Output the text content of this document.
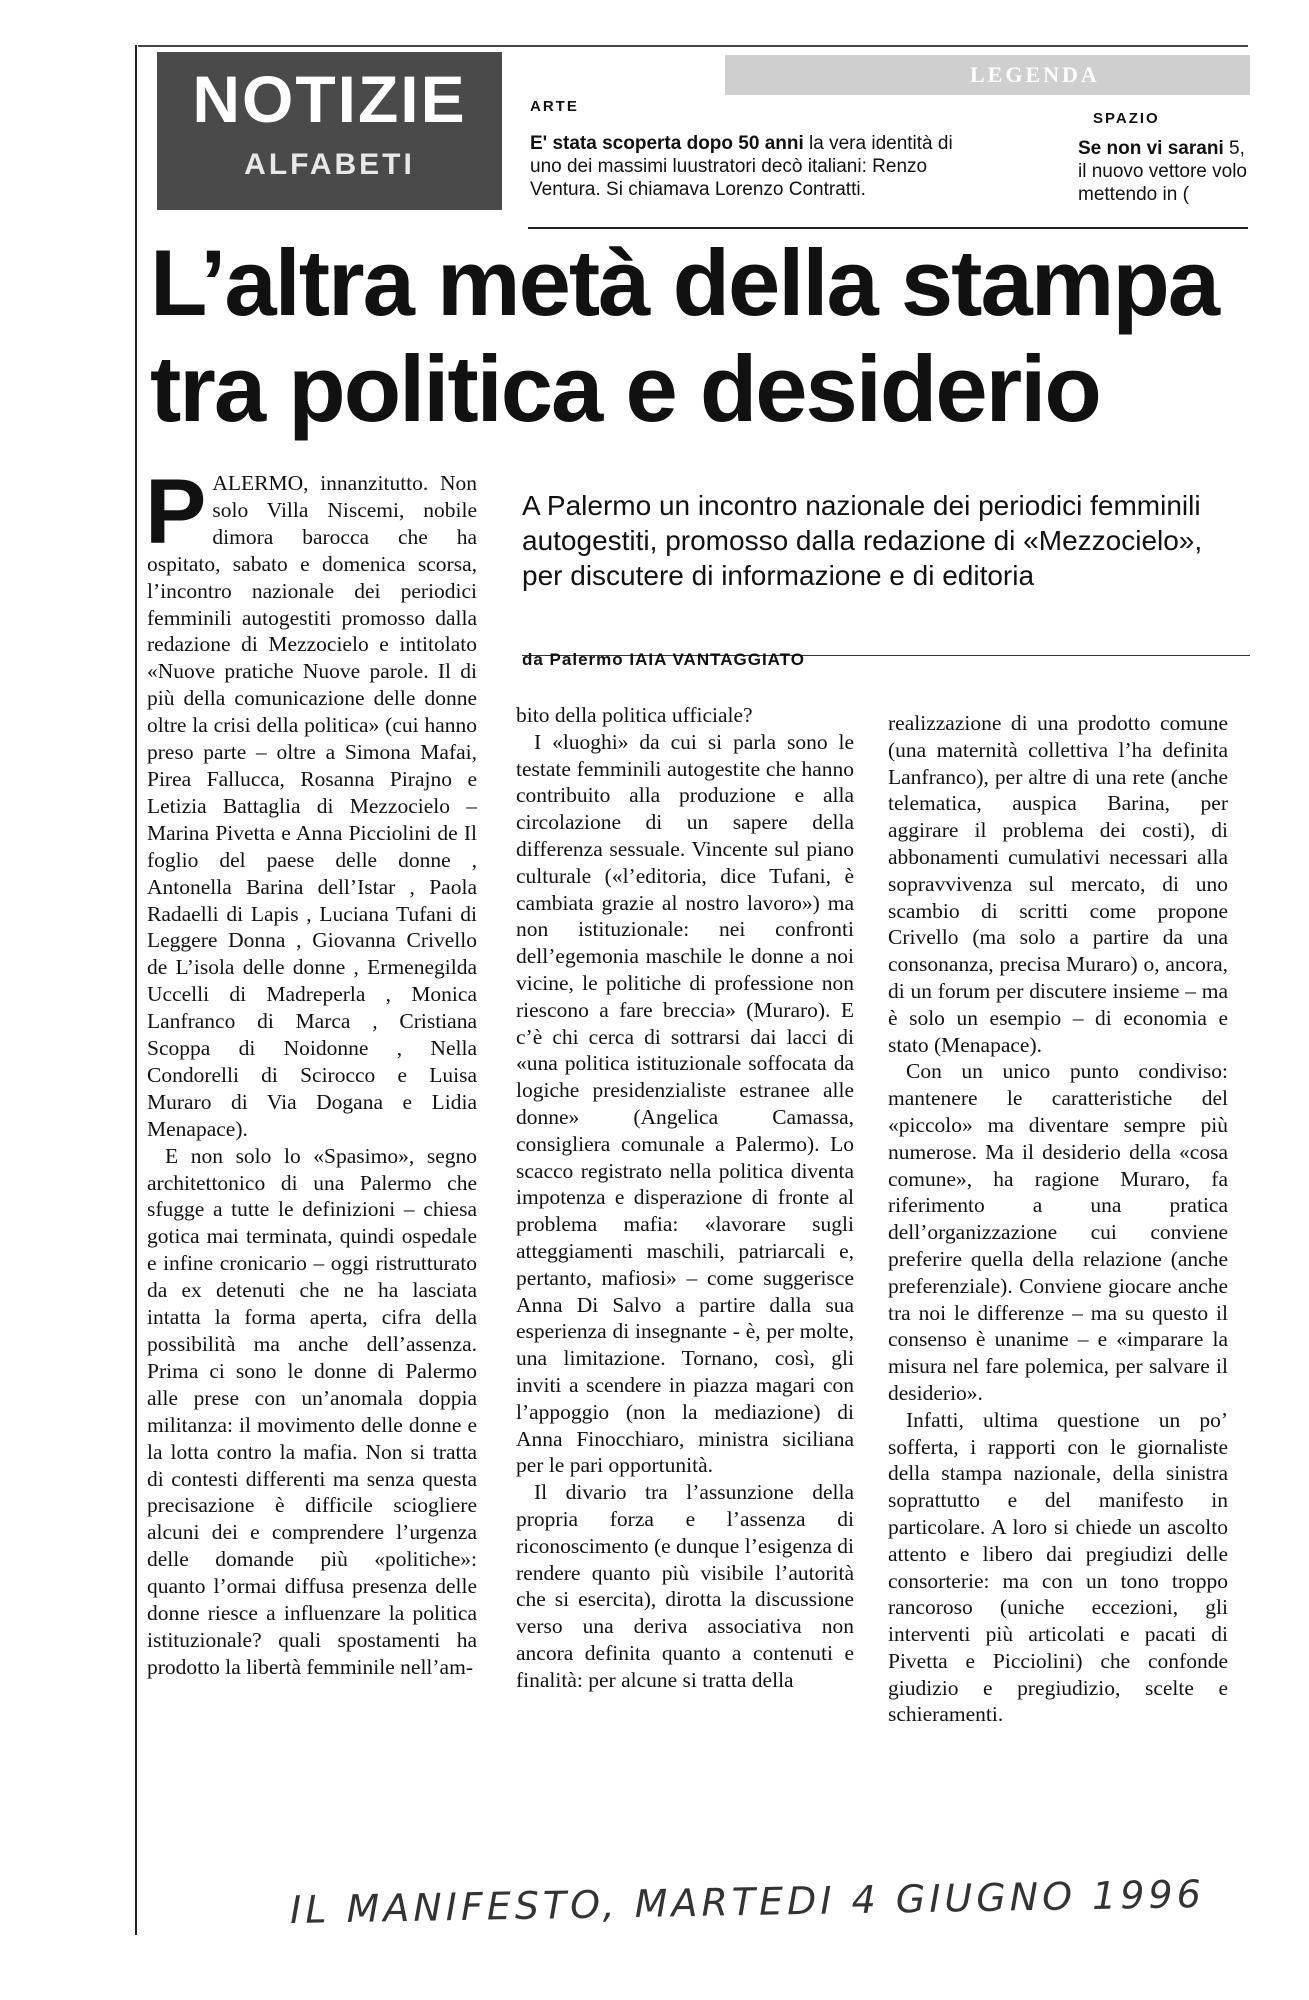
NOTIZIE
ALFABETI
LEGENDA
ARTE
E' stata scoperta dopo 50 anni la vera identità di uno dei massimi luustratori decò italiani: Renzo Ventura. Si chiamava Lorenzo Contratti.
SPAZIO
Se non vi sarani 5, il nuovo vettore volo mettendo in (
L’altra metà della stampa
tra politica e desiderio
P ALERMO, innanzitutto. Non solo Villa Niscemi, nobile dimora barocca che ha ospitato, sabato e domenica scorsa, l’incontro nazionale dei periodici femminili autogestiti promosso dalla redazione di Mezzocielo e intitolato «Nuove pratiche Nuove parole. Il di più della comunicazione delle donne oltre la crisi della politica» (cui hanno preso parte – oltre a Simona Mafai, Pirea Fallucca, Rosanna Pirajno e Letizia Battaglia di Mezzocielo – Marina Pivetta e Anna Picciolini de Il foglio del paese delle donne , Antonella Barina dell’Istar , Paola Radaelli di Lapis , Luciana Tufani di Leggere Donna , Giovanna Crivello de L’isola delle donne , Ermenegilda Uccelli di Madreperla , Monica Lanfranco di Marca , Cristiana Scoppa di Noidonne , Nella Condorelli di Scirocco e Luisa Muraro di Via Dogana e Lidia Menapace).

E non solo lo «Spasimo», segno architettonico di una Palermo che sfugge a tutte le definizioni – chiesa gotica mai terminata, quindi ospedale e infine cronicario – oggi ristrutturato da ex detenuti che ne ha lasciata intatta la forma aperta, cifra della possibilità ma anche dell’assenza. Prima ci sono le donne di Palermo alle prese con un’anomala doppia militanza: il movimento delle donne e la lotta contro la mafia. Non si tratta di contesti differenti ma senza questa precisazione è difficile sciogliere alcuni dei e comprendere l’urgenza delle domande più «politiche»: quanto l’ormai diffusa presenza delle donne riesce a influenzare la politica istituzionale? quali spostamenti ha prodotto la libertà femminile nell’am-

A Palermo un incontro nazionale dei periodici femminili autogestiti, promosso dalla redazione di «Mezzocielo», per discutere di informazione e di editoria
da Palermo IAIA VANTAGGIATO

bito della politica ufficiale?

I «luoghi» da cui si parla sono le testate femminili autogestite che hanno contribuito alla produzione e alla circolazione di un sapere della differenza sessuale. Vincente sul piano culturale («l’editoria, dice Tufani, è cambiata grazie al nostro lavoro») ma non istituzionale: nei confronti dell’egemonia maschile le donne a noi vicine, le politiche di professione non riescono a fare breccia» (Muraro). E c’è chi cerca di sottrarsi dai lacci di «una politica istituzionale soffocata da logiche presidenzialiste estranee alle donne» (Angelica Camassa, consigliera comunale a Palermo). Lo scacco registrato nella politica diventa impotenza e disperazione di fronte al problema mafia: «lavorare sugli atteggiamenti maschili, patriarcali e, pertanto, mafiosi» – come suggerisce Anna Di Salvo a partire dalla sua esperienza di insegnante - è, per molte, una limitazione. Tornano, così, gli inviti a scendere in piazza magari con l’appoggio (non la mediazione) di Anna Finocchiaro, ministra siciliana per le pari opportunità.

Il divario tra l’assunzione della propria forza e l’assenza di riconoscimento (e dunque l’esigenza di rendere quanto più visibile l’autorità che si esercita), dirotta la discussione verso una deriva associativa non ancora definita quanto a contenuti e finalità: per alcune si tratta della

realizzazione di una prodotto comune (una maternità collettiva l’ha definita Lanfranco), per altre di una rete (anche telematica, auspica Barina, per aggirare il problema dei costi), di abbonamenti cumulativi necessari alla sopravvivenza sul mercato, di uno scambio di scritti come propone Crivello (ma solo a partire da una consonanza, precisa Muraro) o, ancora, di un forum per discutere insieme – ma è solo un esempio – di economia e stato (Menapace).

Con un unico punto condiviso: mantenere le caratteristiche del «piccolo» ma diventare sempre più numerose. Ma il desiderio della «cosa comune», ha ragione Muraro, fa riferimento a una pratica dell’organizzazione cui conviene preferire quella della relazione (anche preferenziale). Conviene giocare anche tra noi le differenze – ma su questo il consenso è unanime – e «imparare la misura nel fare polemica, per salvare il desiderio».

Infatti, ultima questione un po’ sofferta, i rapporti con le giornaliste della stampa nazionale, della sinistra soprattutto e del manifesto in particolare. A loro si chiede un ascolto attento e libero dai pregiudizi delle consorterie: ma con un tono troppo rancoroso (uniche eccezioni, gli interventi più articolati e pacati di Pivetta e Picciolini) che confonde giudizio e pregiudizio, scelte e schieramenti.

IL MANIFESTO, MARTEDI 4 GIUGNO 1996
